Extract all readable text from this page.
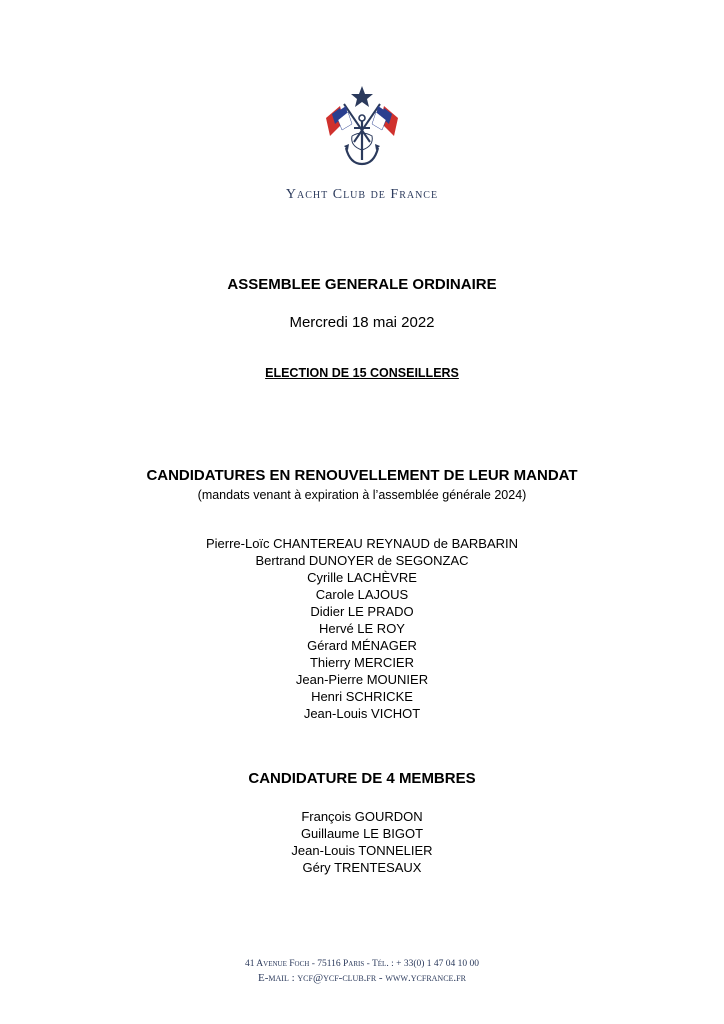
Yacht Club de France
ASSEMBLEE GENERALE ORDINAIRE
Mercredi 18 mai 2022
ELECTION DE 15 CONSEILLERS
CANDIDATURES EN RENOUVELLEMENT DE LEUR MANDAT
(mandats venant à expiration à l’assemblée générale 2024)
Pierre-Loïc CHANTEREAU REYNAUD de BARBARIN
Bertrand DUNOYER de SEGONZAC
Cyrille LACHÈVRE
Carole LAJOUS
Didier LE PRADO
Hervé LE ROY
Gérard MÉNAGER
Thierry MERCIER
Jean-Pierre MOUNIER
Henri SCHRICKE
Jean-Louis VICHOT
CANDIDATURE DE 4 MEMBRES
François GOURDON
Guillaume LE BIGOT
Jean-Louis TONNELIER
Géry TRENTESAUX
41 Avenue Foch - 75116 Paris - Tél. : + 33(0) 1 47 04 10 00
E-mail : ycf@ycf-club.fr - www.ycfrance.fr
